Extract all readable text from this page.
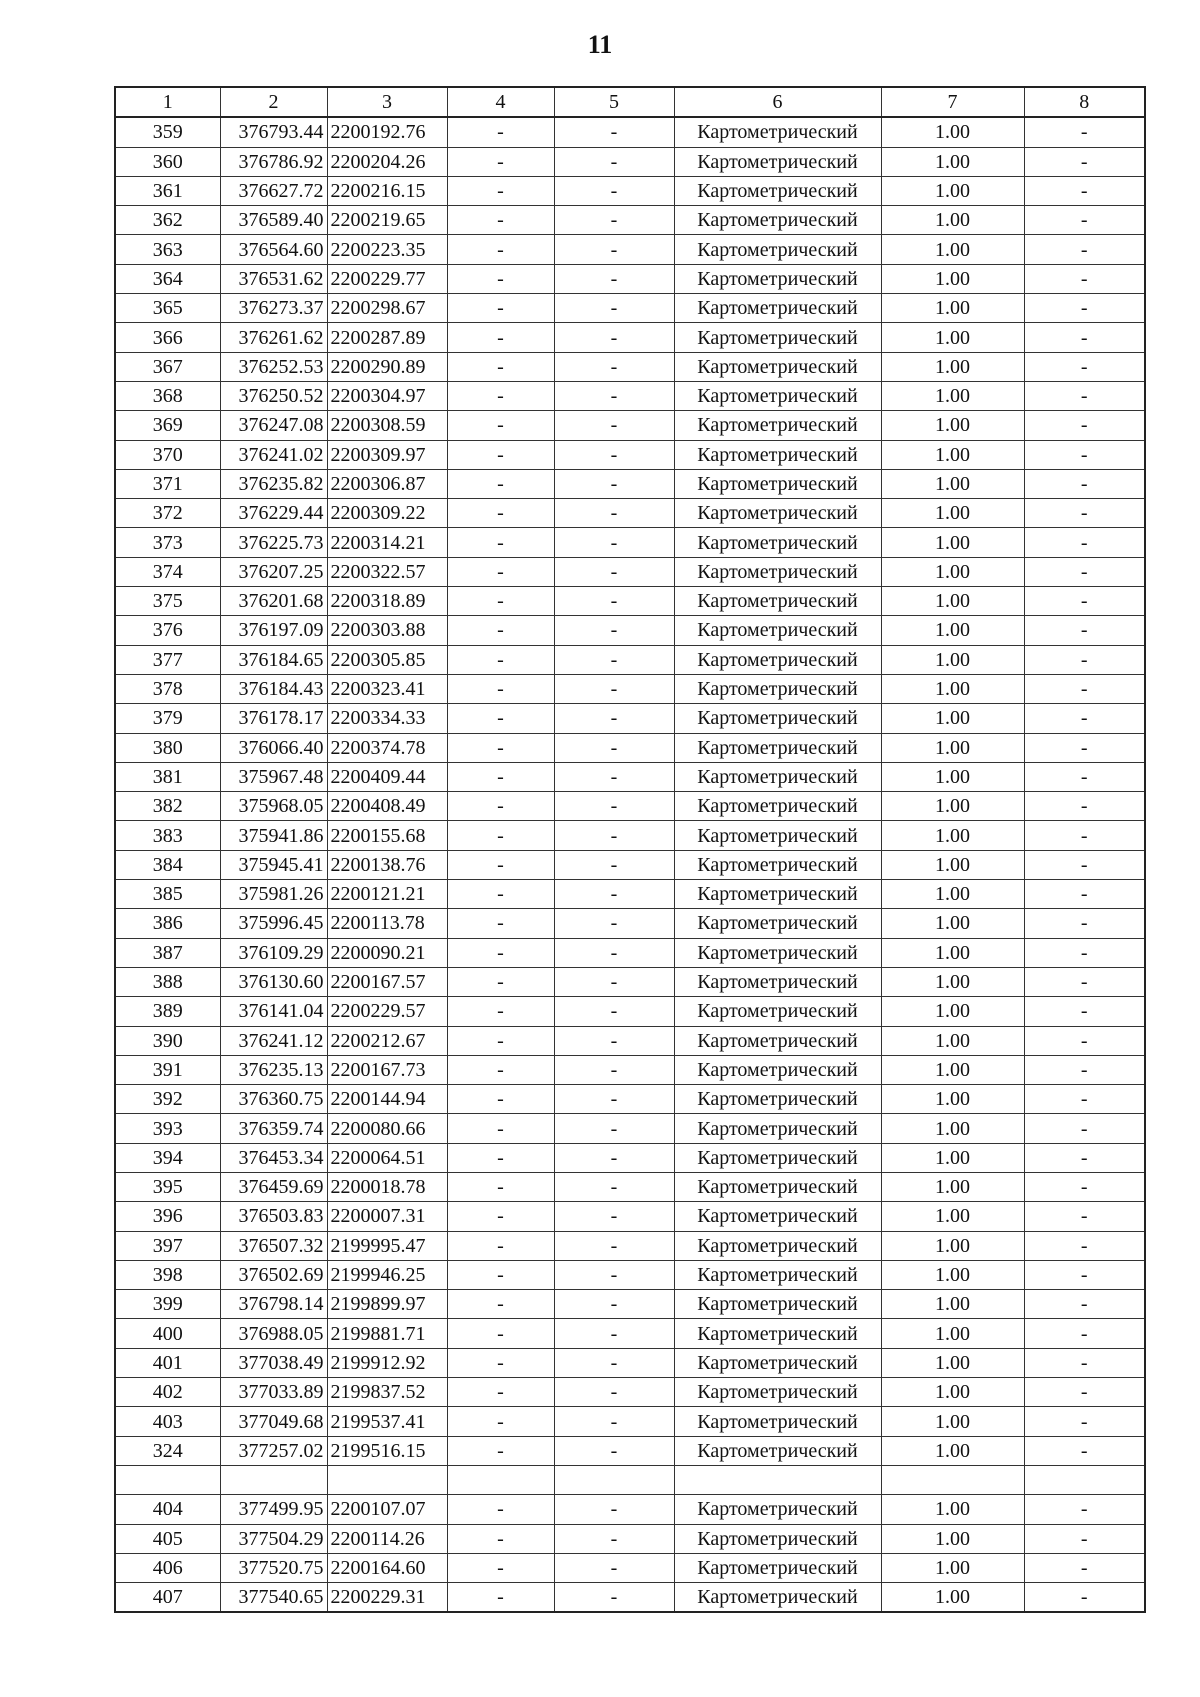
11
1	2	3	4	5	6	7	8
359	376793.44	2200192.76	-	-	Картометрический	1.00	-
360	376786.92	2200204.26	-	-	Картометрический	1.00	-
361	376627.72	2200216.15	-	-	Картометрический	1.00	-
362	376589.40	2200219.65	-	-	Картометрический	1.00	-
363	376564.60	2200223.35	-	-	Картометрический	1.00	-
364	376531.62	2200229.77	-	-	Картометрический	1.00	-
365	376273.37	2200298.67	-	-	Картометрический	1.00	-
366	376261.62	2200287.89	-	-	Картометрический	1.00	-
367	376252.53	2200290.89	-	-	Картометрический	1.00	-
368	376250.52	2200304.97	-	-	Картометрический	1.00	-
369	376247.08	2200308.59	-	-	Картометрический	1.00	-
370	376241.02	2200309.97	-	-	Картометрический	1.00	-
371	376235.82	2200306.87	-	-	Картометрический	1.00	-
372	376229.44	2200309.22	-	-	Картометрический	1.00	-
373	376225.73	2200314.21	-	-	Картометрический	1.00	-
374	376207.25	2200322.57	-	-	Картометрический	1.00	-
375	376201.68	2200318.89	-	-	Картометрический	1.00	-
376	376197.09	2200303.88	-	-	Картометрический	1.00	-
377	376184.65	2200305.85	-	-	Картометрический	1.00	-
378	376184.43	2200323.41	-	-	Картометрический	1.00	-
379	376178.17	2200334.33	-	-	Картометрический	1.00	-
380	376066.40	2200374.78	-	-	Картометрический	1.00	-
381	375967.48	2200409.44	-	-	Картометрический	1.00	-
382	375968.05	2200408.49	-	-	Картометрический	1.00	-
383	375941.86	2200155.68	-	-	Картометрический	1.00	-
384	375945.41	2200138.76	-	-	Картометрический	1.00	-
385	375981.26	2200121.21	-	-	Картометрический	1.00	-
386	375996.45	2200113.78	-	-	Картометрический	1.00	-
387	376109.29	2200090.21	-	-	Картометрический	1.00	-
388	376130.60	2200167.57	-	-	Картометрический	1.00	-
389	376141.04	2200229.57	-	-	Картометрический	1.00	-
390	376241.12	2200212.67	-	-	Картометрический	1.00	-
391	376235.13	2200167.73	-	-	Картометрический	1.00	-
392	376360.75	2200144.94	-	-	Картометрический	1.00	-
393	376359.74	2200080.66	-	-	Картометрический	1.00	-
394	376453.34	2200064.51	-	-	Картометрический	1.00	-
395	376459.69	2200018.78	-	-	Картометрический	1.00	-
396	376503.83	2200007.31	-	-	Картометрический	1.00	-
397	376507.32	2199995.47	-	-	Картометрический	1.00	-
398	376502.69	2199946.25	-	-	Картометрический	1.00	-
399	376798.14	2199899.97	-	-	Картометрический	1.00	-
400	376988.05	2199881.71	-	-	Картометрический	1.00	-
401	377038.49	2199912.92	-	-	Картометрический	1.00	-
402	377033.89	2199837.52	-	-	Картометрический	1.00	-
403	377049.68	2199537.41	-	-	Картометрический	1.00	-
324	377257.02	2199516.15	-	-	Картометрический	1.00	-

404	377499.95	2200107.07	-	-	Картометрический	1.00	-
405	377504.29	2200114.26	-	-	Картометрический	1.00	-
406	377520.75	2200164.60	-	-	Картометрический	1.00	-
407	377540.65	2200229.31	-	-	Картометрический	1.00	-
